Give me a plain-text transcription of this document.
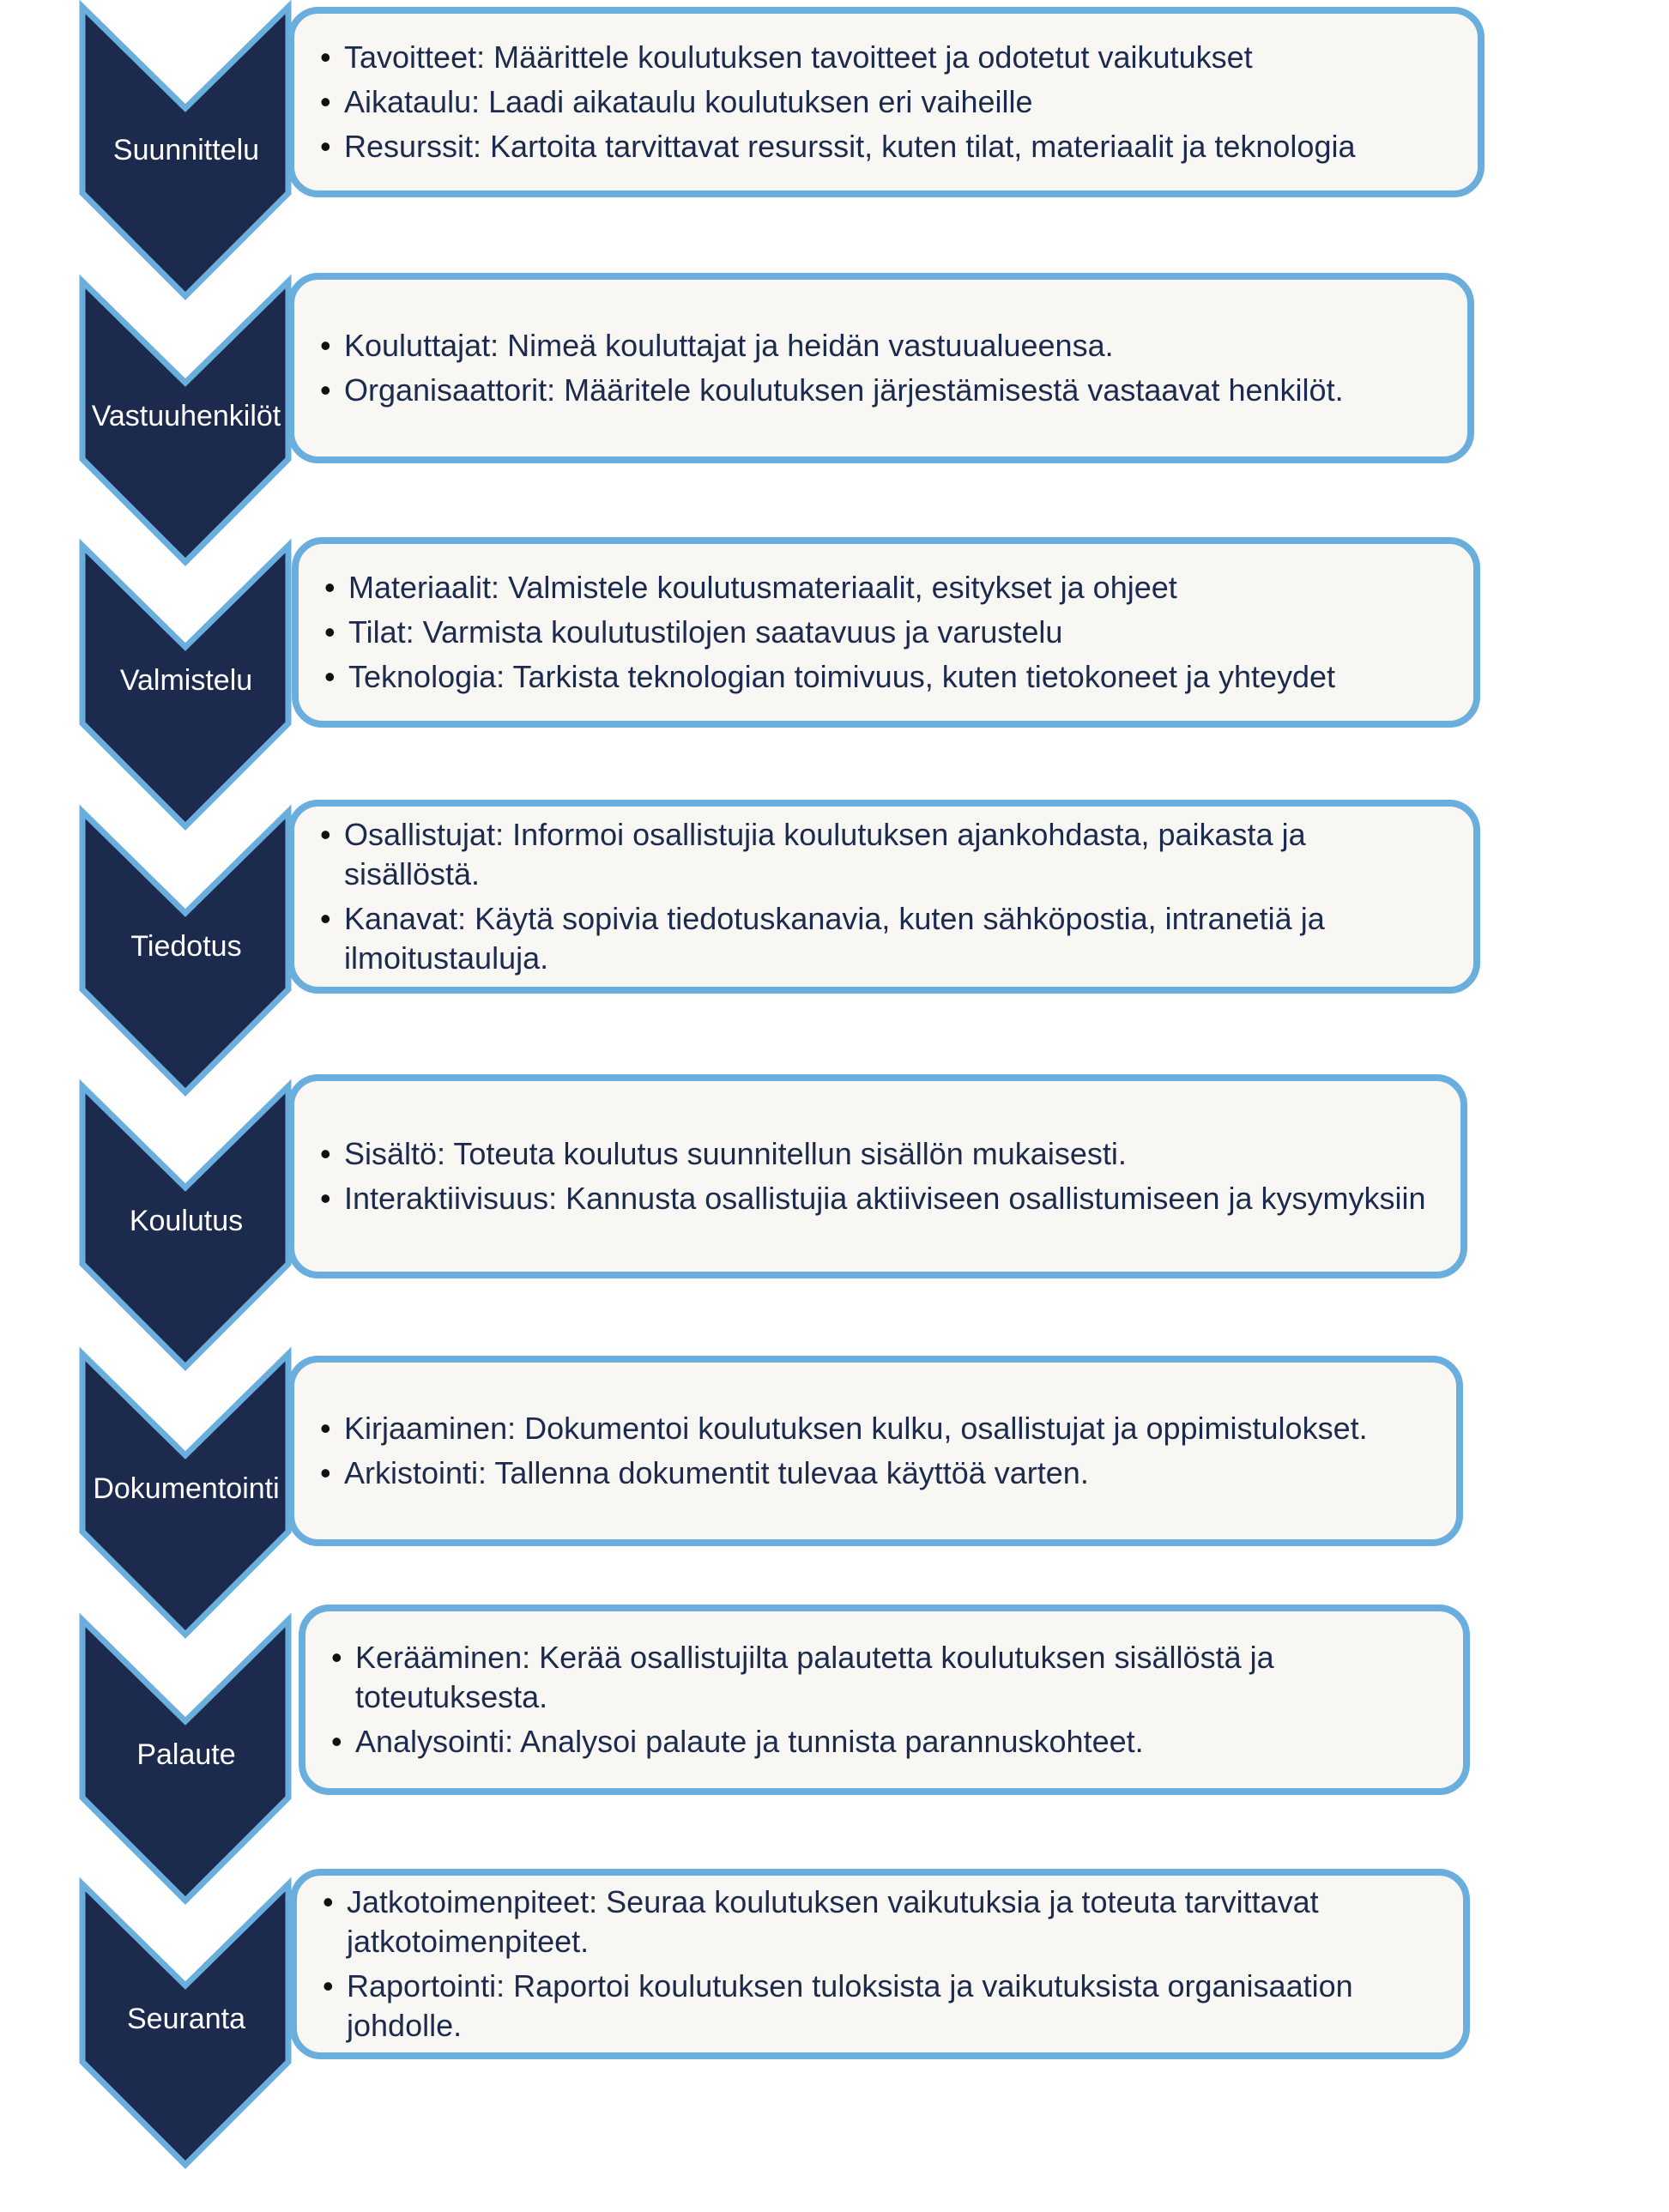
Suunnittelu
• Tavoitteet: Määrittele koulutuksen tavoitteet ja odotetut vaikutukset
• Aikataulu: Laadi aikataulu koulutuksen eri vaiheille
• Resurssit: Kartoita tarvittavat resurssit, kuten tilat, materiaalit ja teknologia
Vastuuhenkilöt
• Kouluttajat: Nimeä kouluttajat ja heidän vastuualueensa.
• Organisaattorit: Määritele koulutuksen järjestämisestä vastaavat henkilöt.
Valmistelu
• Materiaalit: Valmistele koulutusmateriaalit, esitykset ja ohjeet
• Tilat: Varmista koulutustilojen saatavuus ja varustelu
• Teknologia: Tarkista teknologian toimivuus, kuten tietokoneet ja yhteydet
Tiedotus
• Osallistujat: Informoi osallistujia koulutuksen ajankohdasta, paikasta ja sisällöstä.
• Kanavat: Käytä sopivia tiedotuskanavia, kuten sähköpostia, intranetiä ja ilmoitustauluja.
Koulutus
• Sisältö: Toteuta koulutus suunnitellun sisällön mukaisesti.
• Interaktiivisuus: Kannusta osallistujia aktiiviseen osallistumiseen ja kysymyksiin
Dokumentointi
• Kirjaaminen: Dokumentoi koulutuksen kulku, osallistujat ja oppimistulokset.
• Arkistointi: Tallenna dokumentit tulevaa käyttöä varten.
Palaute
• Kerääminen: Kerää osallistujilta palautetta koulutuksen sisällöstä ja toteutuksesta.
• Analysointi: Analysoi palaute ja tunnista parannuskohteet.
Seuranta
• Jatkotoimenpiteet: Seuraa koulutuksen vaikutuksia ja toteuta tarvittavat jatkotoimenpiteet.
• Raportointi: Raportoi koulutuksen tuloksista ja vaikutuksista organisaation johdolle.
